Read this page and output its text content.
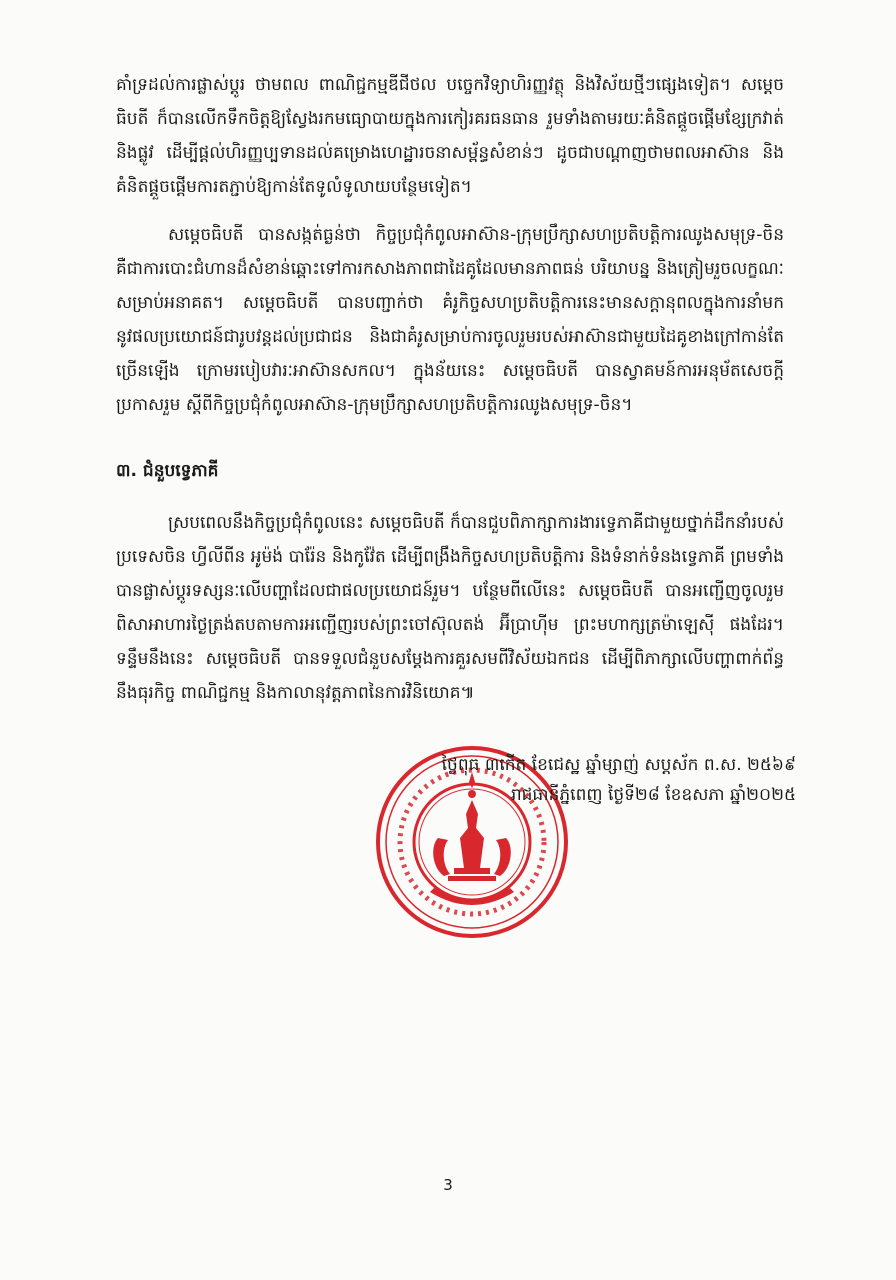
គាំទ្រដល់ការផ្លាស់ប្ដូរ ថាមពល ពាណិជ្ជកម្មឌីជីថល បច្ចេកវិទ្យាហិរញ្ញវត្ថុ និងវិស័យថ្មីៗផ្សេងទៀត។ សម្ដេចធិបតី ក៏បានលើកទឹកចិត្តឱ្យស្វែងរកមធ្យោបាយក្នុងការកៀរគរធនធាន រួមទាំងតាមរយៈគំនិតផ្ដួចផ្ដើមខ្សែក្រវាត់និងផ្លូវ ដើម្បីផ្ដល់ហិរញ្ញប្បទានដល់គម្រោងហេដ្ឋារចនាសម្ព័ន្ធសំខាន់ៗ ដូចជាបណ្ដាញថាមពលអាស៊ាន និងគំនិតផ្ដួចផ្ដើមការតភ្ជាប់ឱ្យកាន់តែទូលំទូលាយបន្ថែមទៀត។

សម្ដេចធិបតី បានសង្កត់ធ្ងន់ថា កិច្ចប្រជុំកំពូលអាស៊ាន-ក្រុមប្រឹក្សាសហប្រតិបត្តិការឈូងសមុទ្រ-ចិន គឺជាការបោះជំហានដ៏សំខាន់ឆ្ពោះទៅការកសាងភាពជាដៃគូដែលមានភាពធន់ បរិយាបន្ន និងត្រៀមរួចលក្ខណៈសម្រាប់អនាគត។ សម្ដេចធិបតី បានបញ្ជាក់ថា គំរូកិច្ចសហប្រតិបត្តិការនេះមានសក្តានុពលក្នុងការនាំមកនូវផលប្រយោជន៍ជារូបវន្តដល់ប្រជាជន និងជាគំរូសម្រាប់ការចូលរួមរបស់អាស៊ានជាមួយដៃគូខាងក្រៅកាន់តែច្រើនឡើង ក្រោមរបៀបវារៈអាស៊ានសកល។ ក្នុងន័យនេះ សម្ដេចធិបតី បានស្វាគមន៍ការអនុម័តសេចក្ដីប្រកាសរួម ស្ដីពីកិច្ចប្រជុំកំពូលអាស៊ាន-ក្រុមប្រឹក្សាសហប្រតិបត្តិការឈូងសមុទ្រ-ចិន។

៣. ជំនួបទ្វេភាគី

ស្របពេលនឹងកិច្ចប្រជុំកំពូលនេះ សម្ដេចធិបតី ក៏បានជួបពិភាក្សាការងារទ្វេភាគីជាមួយថ្នាក់ដឹកនាំរបស់ប្រទេសចិន ហ្វីលីពីន អូម៉ង់ បារ៉ែន និងកូវ៉ែត ដើម្បីពង្រឹងកិច្ចសហប្រតិបត្តិការ និងទំនាក់ទំនងទ្វេភាគី ព្រមទាំងបានផ្លាស់ប្ដូរទស្សនៈលើបញ្ហាដែលជាផលប្រយោជន៍រួម។ បន្ថែមពីលើនេះ សម្ដេចធិបតី បានអញ្ជើញចូលរួមពិសាអាហារថ្ងៃត្រង់តបតាមការអញ្ជើញរបស់ព្រះចៅស៊ុលតង់ អ៊ីប្រាហ៊ីម ព្រះមហាក្សត្រម៉ាឡេស៊ី ផងដែរ។ ទន្ទឹមនឹងនេះ សម្ដេចធិបតី បានទទួលជំនួបសម្ដែងការគួរសមពីវិស័យឯកជន ដើម្បីពិភាក្សាលើបញ្ហាពាក់ព័ន្ធនឹងធុរកិច្ច ពាណិជ្ជកម្ម និងកាលានុវត្តភាពនៃការវិនិយោគ៕

ថ្ងៃពុធ ៣កើត ខែជេស្ឋ ឆ្នាំម្សាញ់ សប្តស័ក ព.ស. ២៥៦៩
រាជធានីភ្នំពេញ ថ្ងៃទី២៨ ខែឧសភា ឆ្នាំ២០២៥
3
